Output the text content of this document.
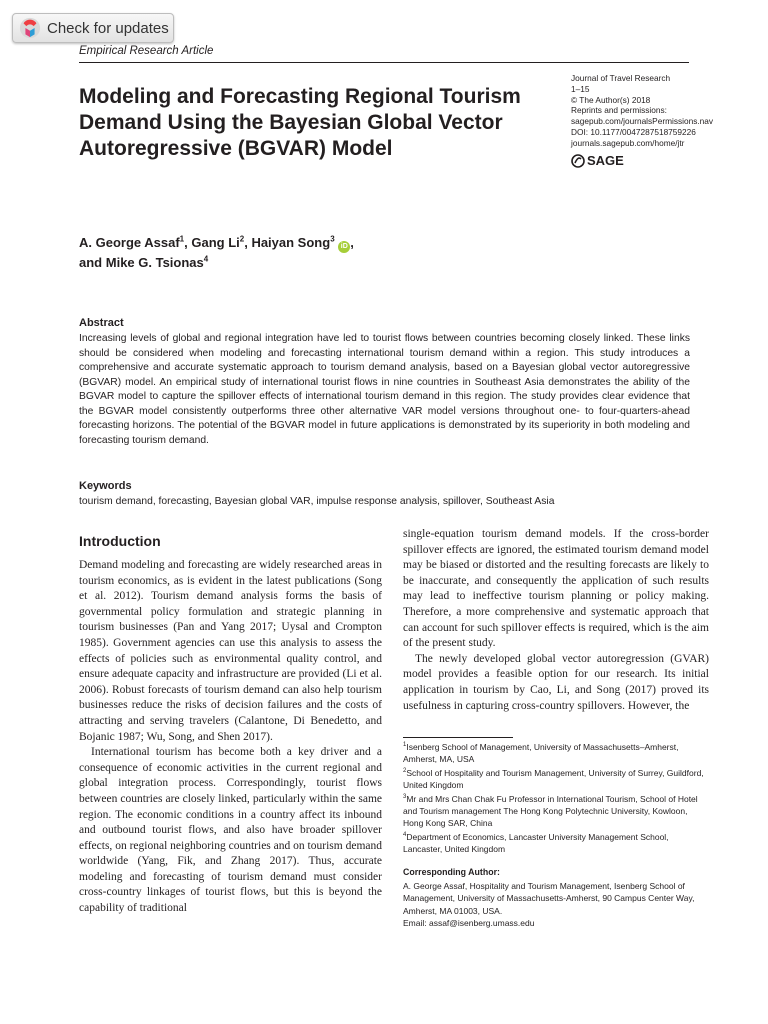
Check for updates
Empirical Research Article
Modeling and Forecasting Regional Tourism Demand Using the Bayesian Global Vector Autoregressive (BGVAR) Model
Journal of Travel Research
1–15
© The Author(s) 2018
Reprints and permissions:
sagepub.com/journalsPermissions.nav
DOI: 10.1177/0047287518759226
journals.sagepub.com/home/jtr
SAGE
A. George Assaf$^1$, Gang Li$^2$, Haiyan Song$^3$ iD ,
and Mike G. Tsionas$^4$
Abstract

Increasing levels of global and regional integration have led to tourist flows between countries becoming closely linked. These links should be considered when modeling and forecasting international tourism demand within a region. This study introduces a comprehensive and accurate systematic approach to tourism demand analysis, based on a Bayesian global vector autoregressive (BGVAR) model. An empirical study of international tourist flows in nine countries in Southeast Asia demonstrates the ability of the BGVAR model to capture the spillover effects of international tourism demand in this region. The study provides clear evidence that the BGVAR model consistently outperforms three other alternative VAR model versions throughout one- to four-quarters-ahead forecasting horizons. The potential of the BGVAR model in future applications is demonstrated by its superiority in both modeling and forecasting tourism demand.

Keywords
tourism demand, forecasting, Bayesian global VAR, impulse response analysis, spillover, Southeast Asia
Introduction

Demand modeling and forecasting are widely researched areas in tourism economics, as is evident in the latest publications (Song et al. 2012). Tourism demand analysis forms the basis of governmental policy formulation and strategic planning in tourism businesses (Pan and Yang 2017; Uysal and Crompton 1985). Government agencies can use this analysis to assess the effects of policies such as environmental quality control, and ensure adequate capacity and infrastructure are provided (Li et al. 2006). Robust forecasts of tourism demand can also help tourism businesses reduce the risks of decision failures and the costs of attracting and serving travelers (Calantone, Di Benedetto, and Bojanic 1987; Wu, Song, and Shen 2017).

International tourism has become both a key driver and a consequence of economic activities in the current regional and global integration process. Correspondingly, tourist flows between countries are closely linked, particularly within the same region. The economic conditions in a country affect its inbound and outbound tourist flows, and also have broader spillover effects, on regional neighboring countries and on tourism demand worldwide (Yang, Fik, and Zhang 2017). Thus, accurate modeling and forecasting of tourism demand must consider cross-country linkages of tourist flows, but this is beyond the capability of traditional

single-equation tourism demand models. If the cross-border spillover effects are ignored, the estimated tourism demand model may be biased or distorted and the resulting forecasts are likely to be inaccurate, and consequently the application of such results may lead to ineffective tourism planning or policy making. Therefore, a more comprehensive and systematic approach that can account for such spillover effects is required, which is the aim of the present study.

The newly developed global vector autoregression (GVAR) model provides a feasible option for our research. Its initial application in tourism by Cao, Li, and Song (2017) proved its usefulness in capturing cross-country spillovers. However, the

$^1$Isenberg School of Management, University of Massachusetts–Amherst, Amherst, MA, USA
$^2$School of Hospitality and Tourism Management, University of Surrey, Guildford, United Kingdom
$^3$Mr and Mrs Chan Chak Fu Professor in International Tourism, School of Hotel and Tourism management The Hong Kong Polytechnic University, Kowloon, Hong Kong SAR, China
$^4$Department of Economics, Lancaster University Management School, Lancaster, United Kingdom
Corresponding Author:
A. George Assaf, Hospitality and Tourism Management, Isenberg School of Management, University of Massachusetts-Amherst, 90 Campus Center Way, Amherst, MA 01003, USA.
Email: assaf@isenberg.umass.edu
